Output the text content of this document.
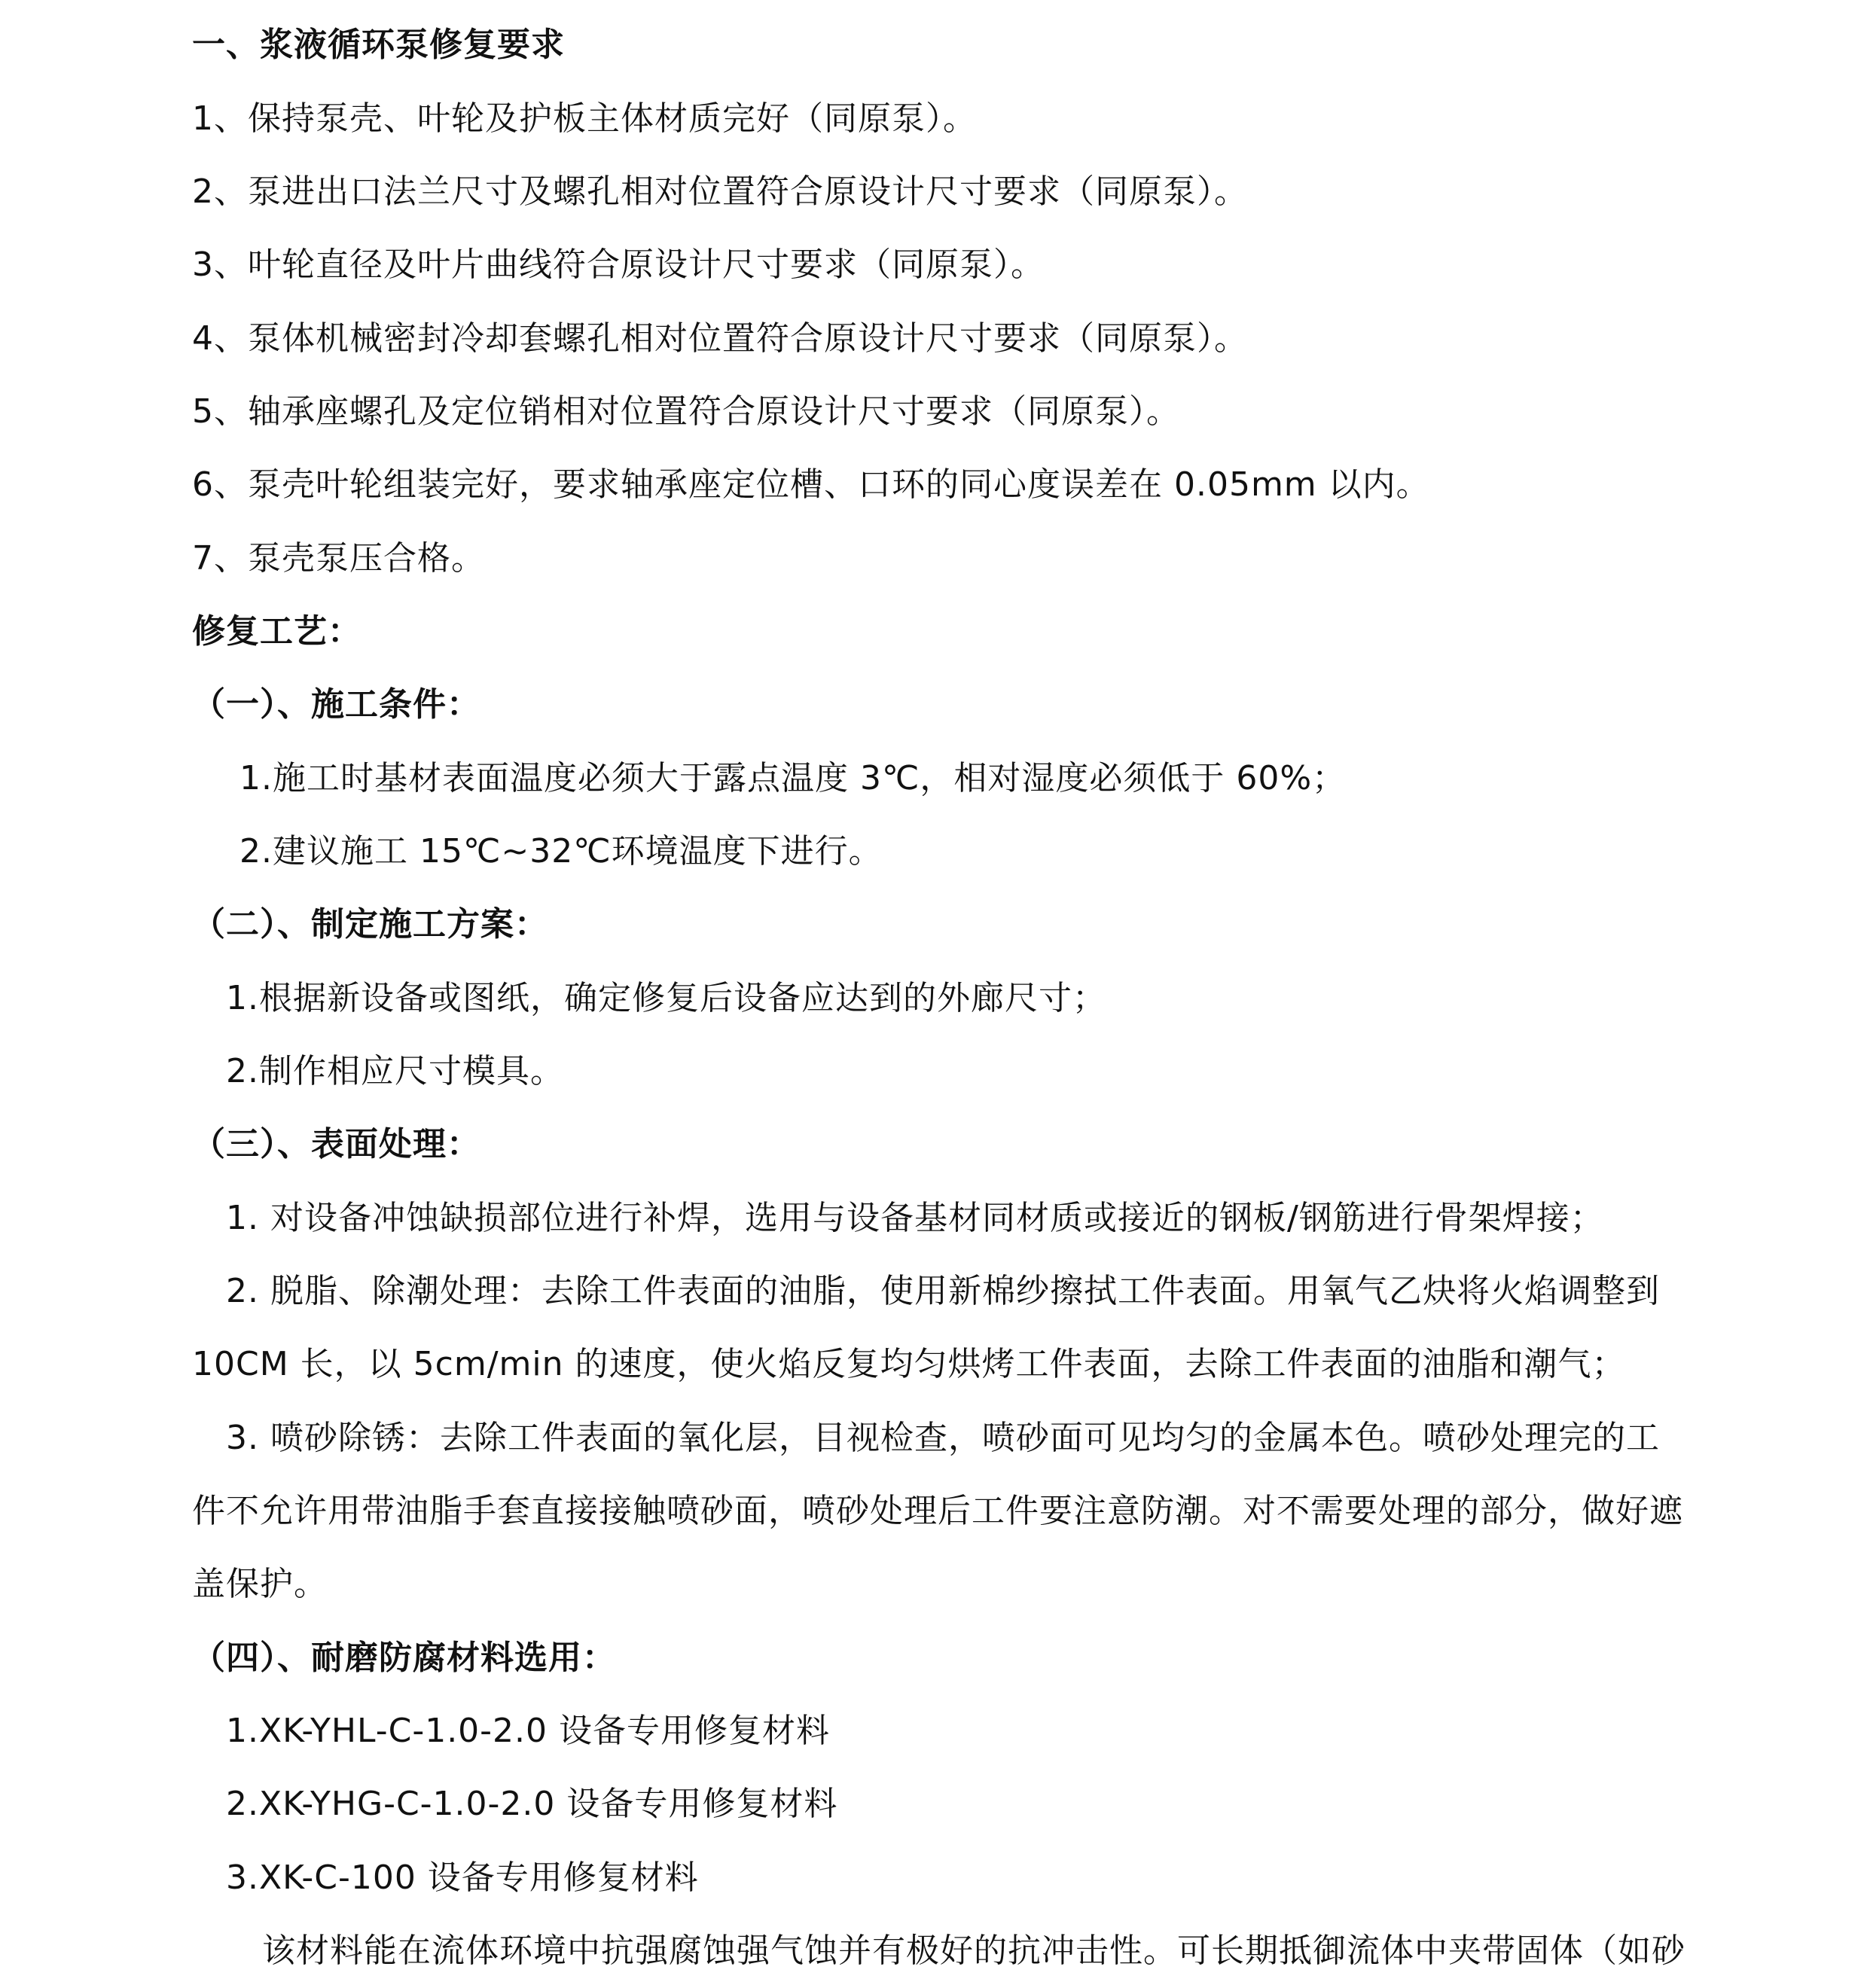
一、浆液循环泵修复要求
1、保持泵壳、叶轮及护板主体材质完好（同原泵）。
2、泵进出口法兰尺寸及螺孔相对位置符合原设计尺寸要求（同原泵）。
3、叶轮直径及叶片曲线符合原设计尺寸要求（同原泵）。
4、泵体机械密封冷却套螺孔相对位置符合原设计尺寸要求（同原泵）。
5、轴承座螺孔及定位销相对位置符合原设计尺寸要求（同原泵）。
6、泵壳叶轮组装完好，要求轴承座定位槽、口环的同心度误差在 0.05mm 以内。
7、泵壳泵压合格。
修复工艺：
（一）、施工条件：
1.施工时基材表面温度必须大于露点温度 3℃，相对湿度必须低于 60%；
2.建议施工 15℃~32℃环境温度下进行。
（二）、制定施工方案：
1.根据新设备或图纸，确定修复后设备应达到的外廊尺寸；
2.制作相应尺寸模具。
（三）、表面处理：
1. 对设备冲蚀缺损部位进行补焊，选用与设备基材同材质或接近的钢板/钢筋进行骨架焊接；
2. 脱脂、除潮处理：去除工件表面的油脂，使用新棉纱擦拭工件表面。用氧气乙炔将火焰调整到
10CM 长，以 5cm/min 的速度，使火焰反复均匀烘烤工件表面，去除工件表面的油脂和潮气；
3. 喷砂除锈：去除工件表面的氧化层，目视检查，喷砂面可见均匀的金属本色。喷砂处理完的工
件不允许用带油脂手套直接接触喷砂面，喷砂处理后工件要注意防潮。对不需要处理的部分，做好遮
盖保护。
（四）、耐磨防腐材料选用：
1.XK-YHL-C-1.0-2.0 设备专用修复材料
2.XK-YHG-C-1.0-2.0 设备专用修复材料
3.XK-C-100 设备专用修复材料
该材料能在流体环境中抗强腐蚀强气蚀并有极好的抗冲击性。可长期抵御流体中夹带固体（如砂
